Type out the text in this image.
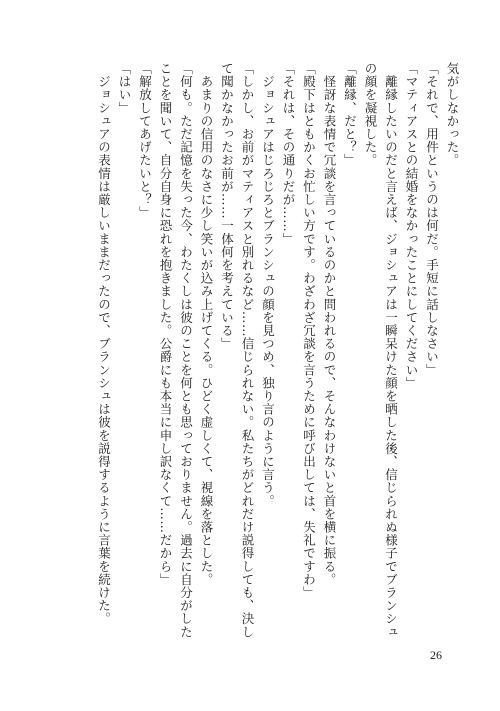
気がしなかった。
「それで、用件というのは何だ。手短に話しなさい」
「マティアスとの結婚をなかったことにしてください」
　離縁したいのだと言えば、ジョシュアは一瞬呆けた顔を晒した後、信じられぬ様子でブランシュ
の顔を凝視した。
「離縁、だと？」
　怪訝な表情で冗談を言っているのかと問われるので、そんなわけないと首を横に振る。
「殿下はともかくお忙しい方です。わざわざ冗談を言うために呼び出しては、失礼ですわ」
「それは、その通りだが……」
　ジョシュアはじろじろとブランシュの顔を見つめ、独り言のように言う。
「しかし、お前がマティアスと別れるなど……信じられない。私たちがどれだけ説得しても、決し
て聞かなかったお前が……一体何を考えている」
　あまりの信用のなさに少し笑いが込み上げてくる。ひどく虚しくて、視線を落とした。
「何も。ただ記憶を失った今、わたくしは彼のことを何とも思っておりません。過去に自分がした
ことを聞いて、自分自身に恐れを抱きました。公爵にも本当に申し訳なくて……だから」
「解放してあげたいと？」
「はい」
　ジョシュアの表情は厳しいままだったので、ブランシュは彼を説得するように言葉を続けた。
26
